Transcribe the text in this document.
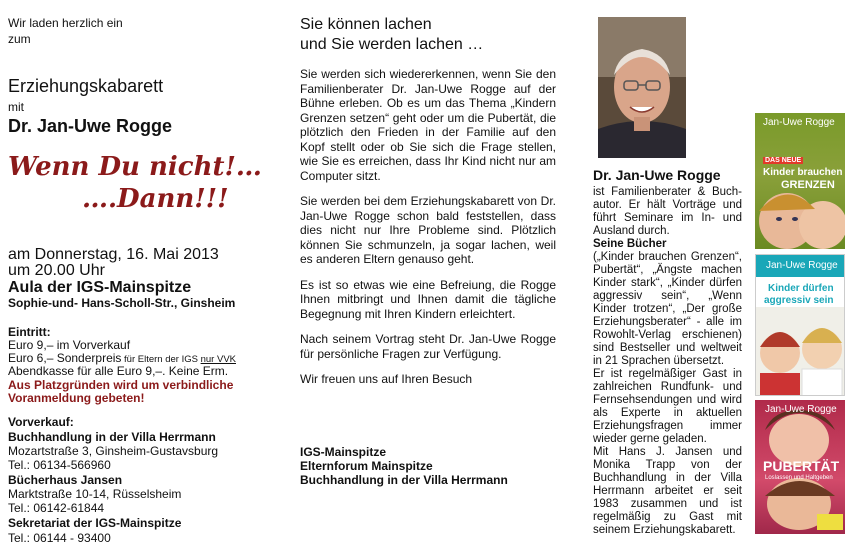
Wir laden herzlich ein
zum
Erziehungskabarett
mit
Dr. Jan-Uwe Rogge
Wenn Du nicht!…
….Dann!!!
am Donnerstag, 16. Mai 2013
um 20.00 Uhr
Aula der IGS-Mainspitze
Sophie-und- Hans-Scholl-Str., Ginsheim
Eintritt:
Euro 9,– im Vorverkauf
Euro 6,– Sonderpreis für Eltern der IGS nur VVK
Abendkasse für alle Euro 9,–. Keine Erm.
Aus Platzgründen wird um verbindliche
Voranmeldung gebeten!
Vorverkauf:
Buchhandlung in der Villa Herrmann
Mozartstraße 3, Ginsheim-Gustavsburg
Tel.: 06134-566960
Bücherhaus Jansen
Marktstraße 10-14, Rüsselsheim
Tel.: 06142-61844
Sekretariat der IGS-Mainspitze
Tel.: 06144 - 93400
Sie können lachen
und Sie werden lachen …

Sie werden sich wiedererkennen, wenn Sie den Familienberater Dr. Jan-Uwe Rogge auf der Bühne erleben. Ob es um das Thema „Kindern Grenzen setzen“ geht oder um die Pubertät, die plötzlich den Frieden in der Familie auf den Kopf stellt oder ob Sie sich die Frage stellen, wie Sie es erreichen, dass Ihr Kind nicht nur am Computer sitzt.

Sie werden bei dem Erziehungskabarett von Dr. Jan-Uwe Rogge schon bald feststellen, dass dies nicht nur Ihre Probleme sind. Plötzlich können Sie schmunzeln, ja sogar lachen, weil es anderen Eltern genauso geht.

Es ist so etwas wie eine Befreiung, die Rogge Ihnen mitbringt und Ihnen damit die tägliche Begegnung mit Ihren Kindern erleichtert.

Nach seinem Vortrag steht Dr. Jan-Uwe Rogge für persönliche Fragen zur Verfügung.

Wir freuen uns auf Ihren Besuch

IGS-Mainspitze
Elternforum Mainspitze
Buchhandlung in der Villa Herrmann
Dr. Jan-Uwe Rogge
ist Familienberater & Buch-autor. Er hält Vorträge und führt Seminare im In- und Ausland durch.
Seine Bücher
(„Kinder brauchen Grenzen“, Pubertät“, „Ängste machen Kinder stark“, „Kinder dürfen aggressiv sein“, „Wenn Kinder trotzen“, „Der große Erziehungsberater“ - alle im Rowohlt-Verlag erschienen) sind Bestseller und weltweit in 21 Sprachen übersetzt.
Er ist regelmäßiger Gast in zahlreichen Rundfunk- und Fernsehsendungen und wird als Experte in aktuellen Erziehungsfragen immer wieder gerne geladen.
Mit Hans J. Jansen und Monika Trapp von der Buchhandlung in der Villa Herrmann arbeitet er seit 1983 zusammen und ist regelmäßig zu Gast mit seinem Erziehungskabarett.
Jan-Uwe Rogge
DAS NEUE
Kinder brauchen
GRENZEN
Jan-Uwe Rogge
Kinder dürfen
aggressiv sein
Jan-Uwe Rogge
PUBERTÄT
Loslassen und Haltgeben
